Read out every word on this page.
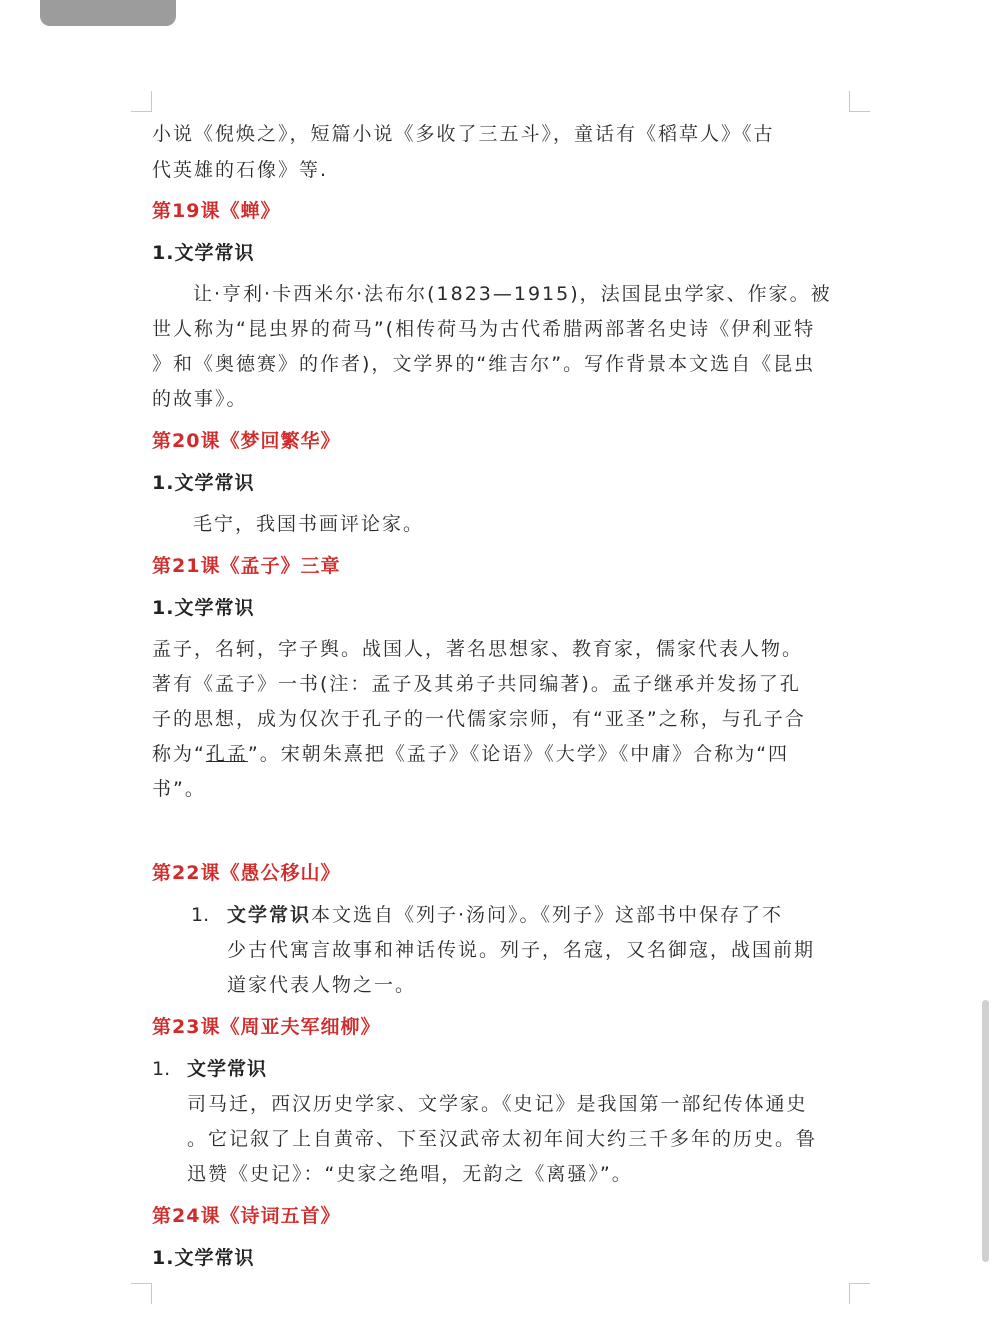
小说《倪焕之》，短篇小说《多收了三五斗》，童话有《稻草人》《古
代英雄的石像》等.
第19课《蝉》
1.文学常识
让·亨利·卡西米尔·法布尔(1823—1915)，法国昆虫学家、作家。被
世人称为“昆虫界的荷马”(相传荷马为古代希腊两部著名史诗《伊利亚特
》和《奥德赛》的作者)，文学界的“维吉尔”。写作背景本文选自《昆虫
的故事》。
第20课《梦回繁华》
1.文学常识
毛宁，我国书画评论家。
第21课《孟子》三章
1.文学常识
孟子，名轲，字子舆。战国人，著名思想家、教育家，儒家代表人物。
著有《孟子》一书(注：孟子及其弟子共同编著)。孟子继承并发扬了孔
子的思想，成为仅次于孔子的一代儒家宗师，有“亚圣”之称，与孔子合
称为“孔孟”。宋朝朱熹把《孟子》《论语》《大学》《中庸》合称为“四
书”。
第22课《愚公移山》
1. 文学常识本文选自《列子·汤问》。《列子》这部书中保存了不
少古代寓言故事和神话传说。列子，名寇，又名御寇，战国前期
道家代表人物之一。
第23课《周亚夫军细柳》
1. 文学常识
司马迁，西汉历史学家、文学家。《史记》是我国第一部纪传体通史
。它记叙了上自黄帝、下至汉武帝太初年间大约三千多年的历史。鲁
迅赞《史记》：“史家之绝唱，无韵之《离骚》”。
第24课《诗词五首》
1.文学常识
